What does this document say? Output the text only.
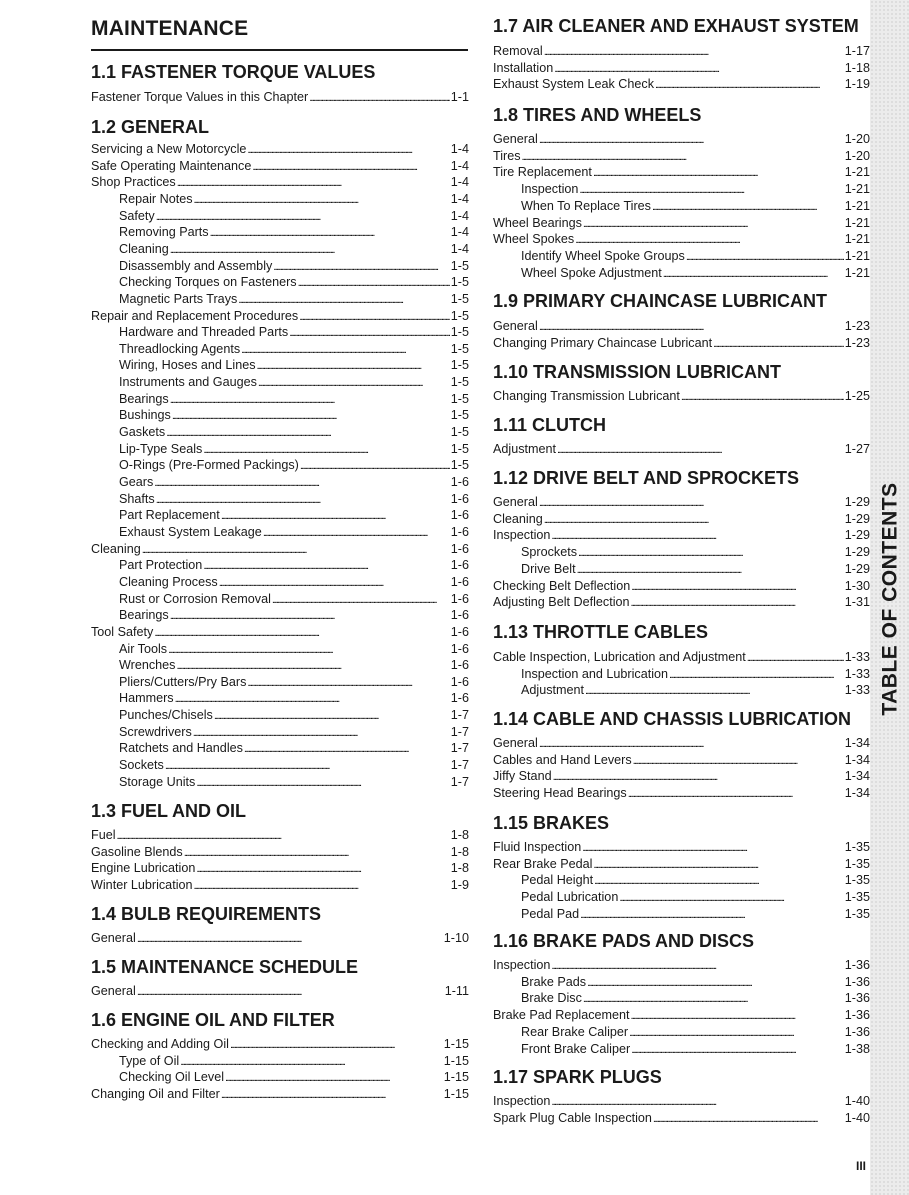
MAINTENANCE
TABLE OF CONTENTS
III
1.1 FASTENER TORQUE VALUES
Fastener Torque Values in this Chapter . . .	1-1
1.2 GENERAL
Servicing a New Motorcycle . . .	1-4
Safe Operating Maintenance . . .	1-4
Shop Practices . . .	1-4
Repair Notes . . .	1-4
Safety . . .	1-4
Removing Parts . . .	1-4
Cleaning . . .	1-4
Disassembly and Assembly . . .	1-5
Checking Torques on Fasteners . . .	1-5
Magnetic Parts Trays . . .	1-5
Repair and Replacement Procedures . . .	1-5
Hardware and Threaded Parts . . .	1-5
Threadlocking Agents . . .	1-5
Wiring, Hoses and Lines . . .	1-5
Instruments and Gauges . . .	1-5
Bearings . . .	1-5
Bushings . . .	1-5
Gaskets . . .	1-5
Lip-Type Seals . . .	1-5
O-Rings (Pre-Formed Packings) . . .	1-5
Gears . . .	1-6
Shafts . . .	1-6
Part Replacement . . .	1-6
Exhaust System Leakage . . .	1-6
Cleaning . . .	1-6
Part Protection . . .	1-6
Cleaning Process . . .	1-6
Rust or Corrosion Removal . . .	1-6
Bearings . . .	1-6
Tool Safety . . .	1-6
Air Tools . . .	1-6
Wrenches . . .	1-6
Pliers/Cutters/Pry Bars . . .	1-6
Hammers . . .	1-6
Punches/Chisels . . .	1-7
Screwdrivers . . .	1-7
Ratchets and Handles . . .	1-7
Sockets . . .	1-7
Storage Units . . .	1-7
1.3 FUEL AND OIL
Fuel . . .	1-8
Gasoline Blends . . .	1-8
Engine Lubrication . . .	1-8
Winter Lubrication . . .	1-9
1.4 BULB REQUIREMENTS
General . . .	1-10
1.5 MAINTENANCE SCHEDULE
General . . .	1-11
1.6 ENGINE OIL AND FILTER
Checking and Adding Oil . . .	1-15
Type of Oil . . .	1-15
Checking Oil Level . . .	1-15
Changing Oil and Filter . . .	1-15
1.7 AIR CLEANER AND EXHAUST SYSTEM
Removal . . .	1-17
Installation . . .	1-18
Exhaust System Leak Check . . .	1-19
1.8 TIRES AND WHEELS
General . . .	1-20
Tires . . .	1-20
Tire Replacement . . .	1-21
Inspection . . .	1-21
When To Replace Tires . . .	1-21
Wheel Bearings . . .	1-21
Wheel Spokes . . .	1-21
Identify Wheel Spoke Groups . . .	1-21
Wheel Spoke Adjustment . . .	1-21
1.9 PRIMARY CHAINCASE LUBRICANT
General . . .	1-23
Changing Primary Chaincase Lubricant . . .	1-23
1.10 TRANSMISSION LUBRICANT
Changing Transmission Lubricant . . .	1-25
1.11 CLUTCH
Adjustment . . .	1-27
1.12 DRIVE BELT AND SPROCKETS
General . . .	1-29
Cleaning . . .	1-29
Inspection . . .	1-29
Sprockets . . .	1-29
Drive Belt . . .	1-29
Checking Belt Deflection . . .	1-30
Adjusting Belt Deflection . . .	1-31
1.13 THROTTLE CABLES
Cable Inspection, Lubrication and Adjustment . . .	1-33
Inspection and Lubrication . . .	1-33
Adjustment . . .	1-33
1.14 CABLE AND CHASSIS LUBRICATION
General . . .	1-34
Cables and Hand Levers . . .	1-34
Jiffy Stand . . .	1-34
Steering Head Bearings . . .	1-34
1.15 BRAKES
Fluid Inspection . . .	1-35
Rear Brake Pedal . . .	1-35
Pedal Height . . .	1-35
Pedal Lubrication . . .	1-35
Pedal Pad . . .	1-35
1.16 BRAKE PADS AND DISCS
Inspection . . .	1-36
Brake Pads . . .	1-36
Brake Disc . . .	1-36
Brake Pad Replacement . . .	1-36
Rear Brake Caliper . . .	1-36
Front Brake Caliper . . .	1-38
1.17 SPARK PLUGS
Inspection . . .	1-40
Spark Plug Cable Inspection . . .	1-40
